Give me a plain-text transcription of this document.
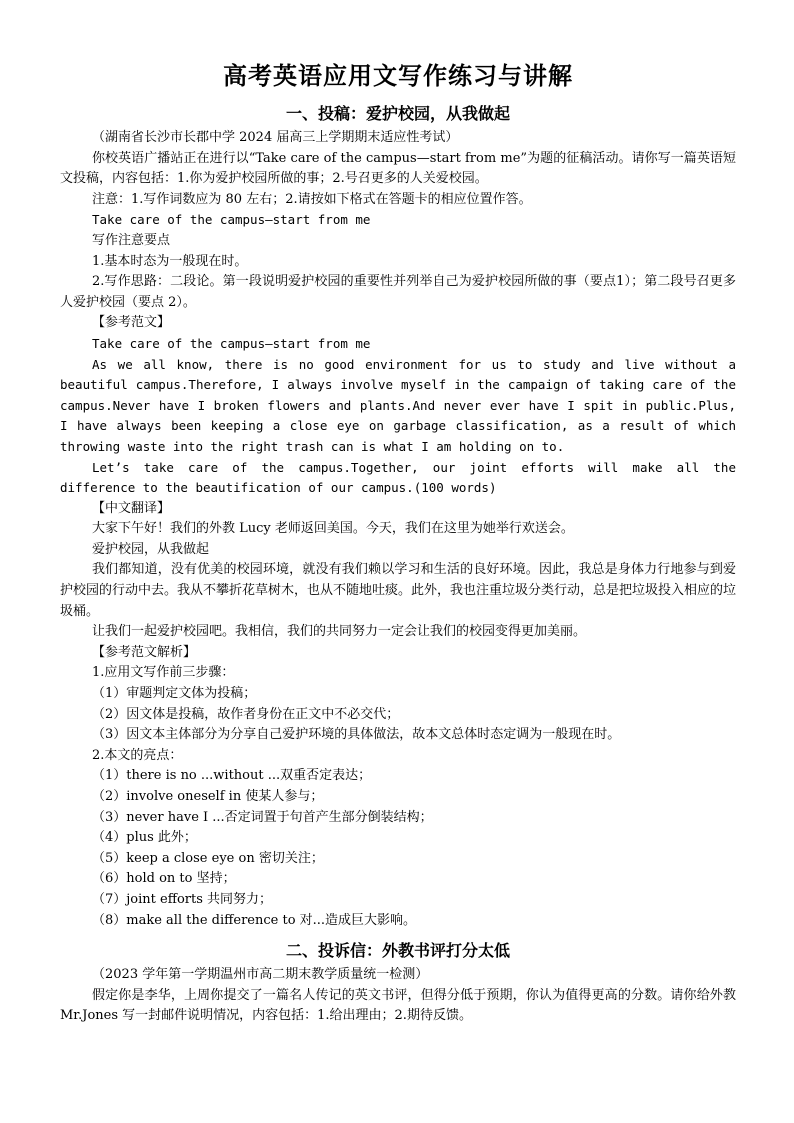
高考英语应用文写作练习与讲解
一、投稿：爱护校园，从我做起

（湖南省长沙市长郡中学 2024 届高三上学期期末适应性考试）

你校英语广播站正在进行以“Take care of the campus—start from me”为题的征稿活动。请你写一篇英语短文投稿，内容包括：1.你为爱护校园所做的事；2.号召更多的人关爱校园。

注意：1.写作词数应为 80 左右；2.请按如下格式在答题卡的相应位置作答。

Take care of the campus—start from me

写作注意要点

1.基本时态为一般现在时。

2.写作思路：二段论。第一段说明爱护校园的重要性并列举自己为爱护校园所做的事（要点1）；第二段号召更多人爱护校园（要点 2）。

【参考范文】

Take care of the campus—start from me

As we all know, there is no good environment for us to study and live without a beautiful campus.Therefore, I always involve myself in the campaign of taking care of the campus.Never have I broken flowers and plants.And never ever have I spit in public.Plus, I have always been keeping a close eye on garbage classification, as a result of which throwing waste into the right trash can is what I am holding on to.

Let’s take care of the campus.Together, our joint efforts will make all the difference to the beautification of our campus.(100 words)

【中文翻译】

大家下午好！我们的外教 Lucy 老师返回美国。今天，我们在这里为她举行欢送会。

爱护校园，从我做起

我们都知道，没有优美的校园环境，就没有我们赖以学习和生活的良好环境。因此，我总是身体力行地参与到爱护校园的行动中去。我从不攀折花草树木，也从不随地吐痰。此外，我也注重垃圾分类行动，总是把垃圾投入相应的垃圾桶。

让我们一起爱护校园吧。我相信，我们的共同努力一定会让我们的校园变得更加美丽。

【参考范文解析】

1.应用文写作前三步骤：

（1）审题判定文体为投稿；

（2）因文体是投稿，故作者身份在正文中不必交代；

（3）因文本主体部分为分享自己爱护环境的具体做法，故本文总体时态定调为一般现在时。

2.本文的亮点：

（1）there is no ...without ...双重否定表达；

（2）involve oneself in 使某人参与；

（3）never have I ...否定词置于句首产生部分倒装结构；

（4）plus 此外；

（5）keep a close eye on 密切关注；

（6）hold on to 坚持；

（7）joint efforts 共同努力；

（8）make all the difference to 对...造成巨大影响。

二、投诉信：外教书评打分太低

（2023 学年第一学期温州市高二期末教学质量统一检测）

假定你是李华，上周你提交了一篇名人传记的英文书评，但得分低于预期，你认为值得更高的分数。请你给外教 Mr.Jones 写一封邮件说明情况，内容包括：1.给出理由；2.期待反馈。
